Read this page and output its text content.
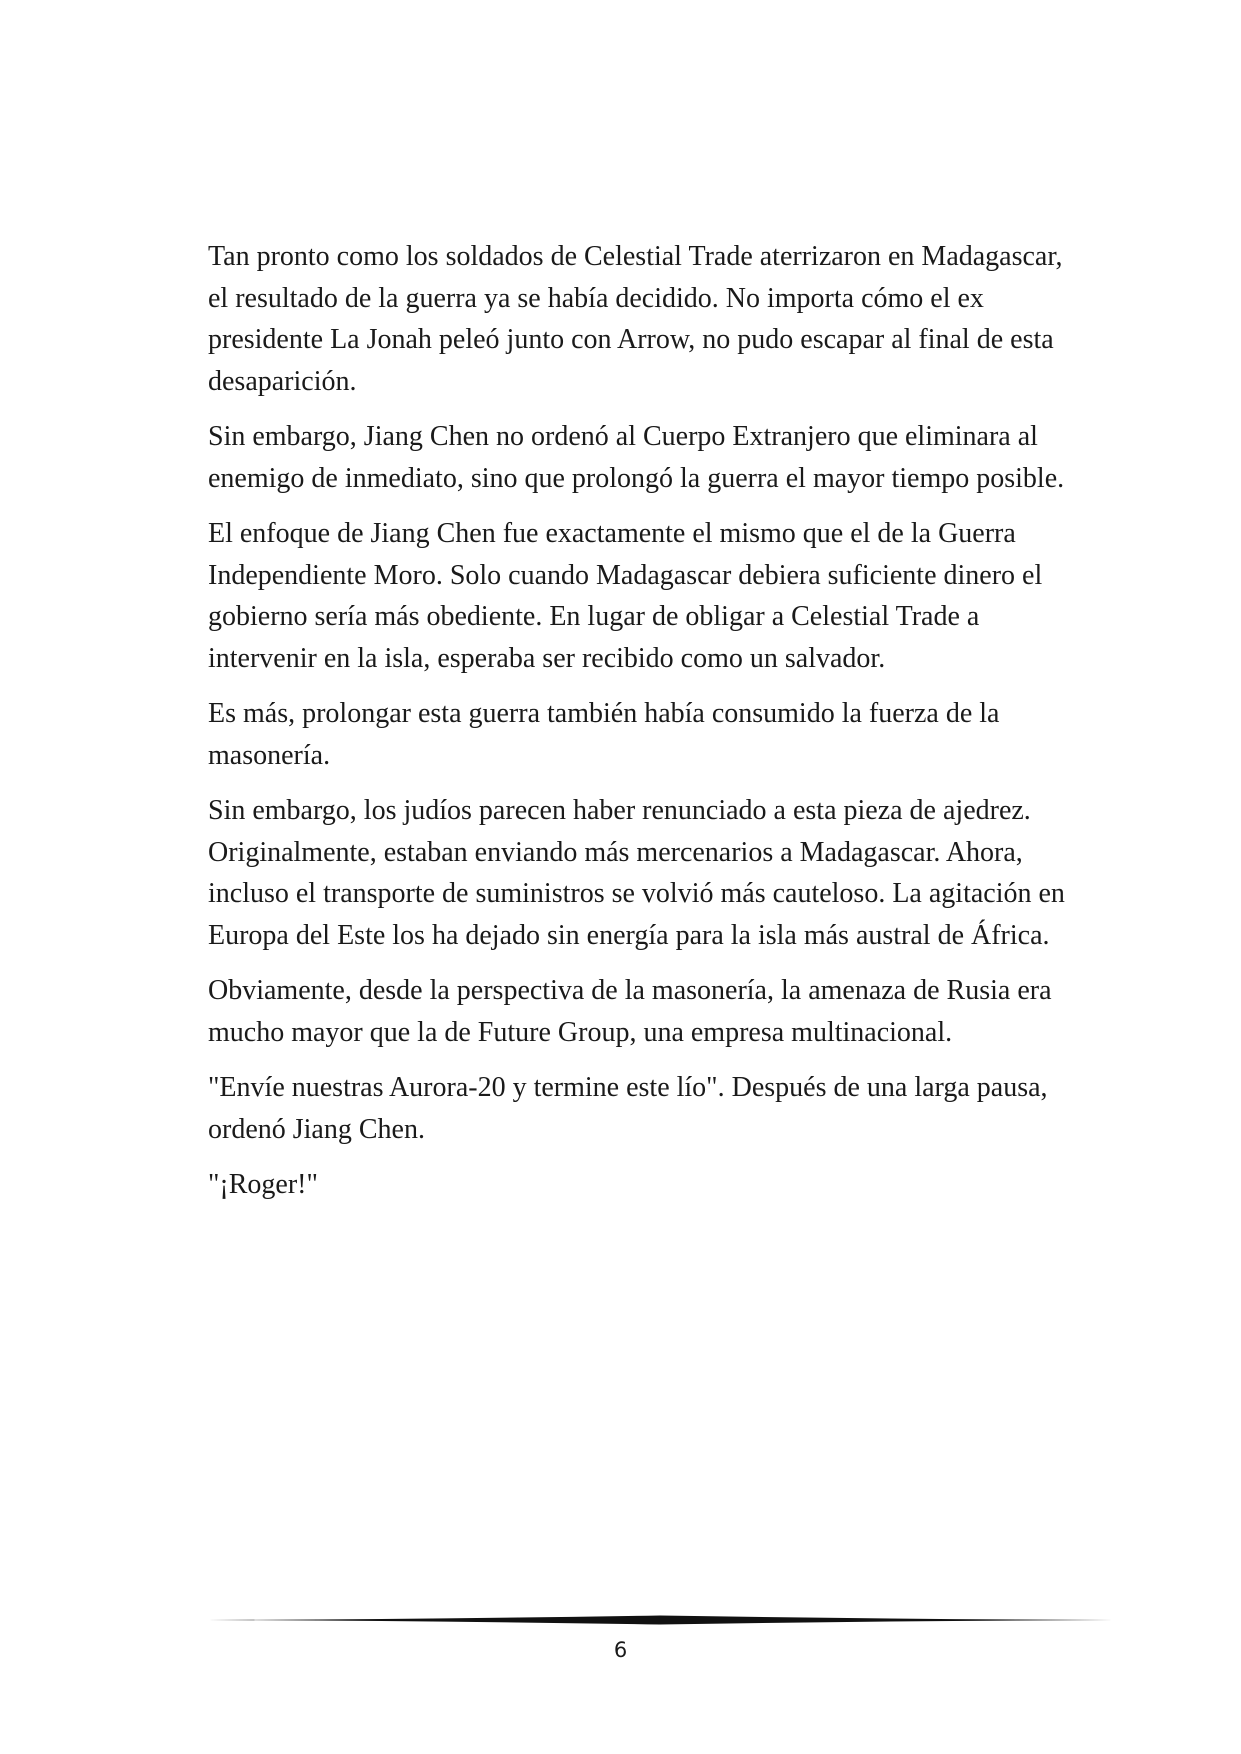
Tan pronto como los soldados de Celestial Trade aterrizaron en Madagascar, el resultado de la guerra ya se había decidido. No importa cómo el ex presidente La Jonah peleó junto con Arrow, no pudo escapar al final de esta desaparición.

Sin embargo, Jiang Chen no ordenó al Cuerpo Extranjero que eliminara al enemigo de inmediato, sino que prolongó la guerra el mayor tiempo posible.

El enfoque de Jiang Chen fue exactamente el mismo que el de la Guerra Independiente Moro. Solo cuando Madagascar debiera suficiente dinero el gobierno sería más obediente. En lugar de obligar a Celestial Trade a intervenir en la isla, esperaba ser recibido como un salvador.

Es más, prolongar esta guerra también había consumido la fuerza de la masonería.

Sin embargo, los judíos parecen haber renunciado a esta pieza de ajedrez. Originalmente, estaban enviando más mercenarios a Madagascar. Ahora, incluso el transporte de suministros se volvió más cauteloso. La agitación en Europa del Este los ha dejado sin energía para la isla más austral de África.

Obviamente, desde la perspectiva de la masonería, la amenaza de Rusia era mucho mayor que la de Future Group, una empresa multinacional.

"Envíe nuestras Aurora-20 y termine este lío". Después de una larga pausa, ordenó Jiang Chen.

"¡Roger!"

6
